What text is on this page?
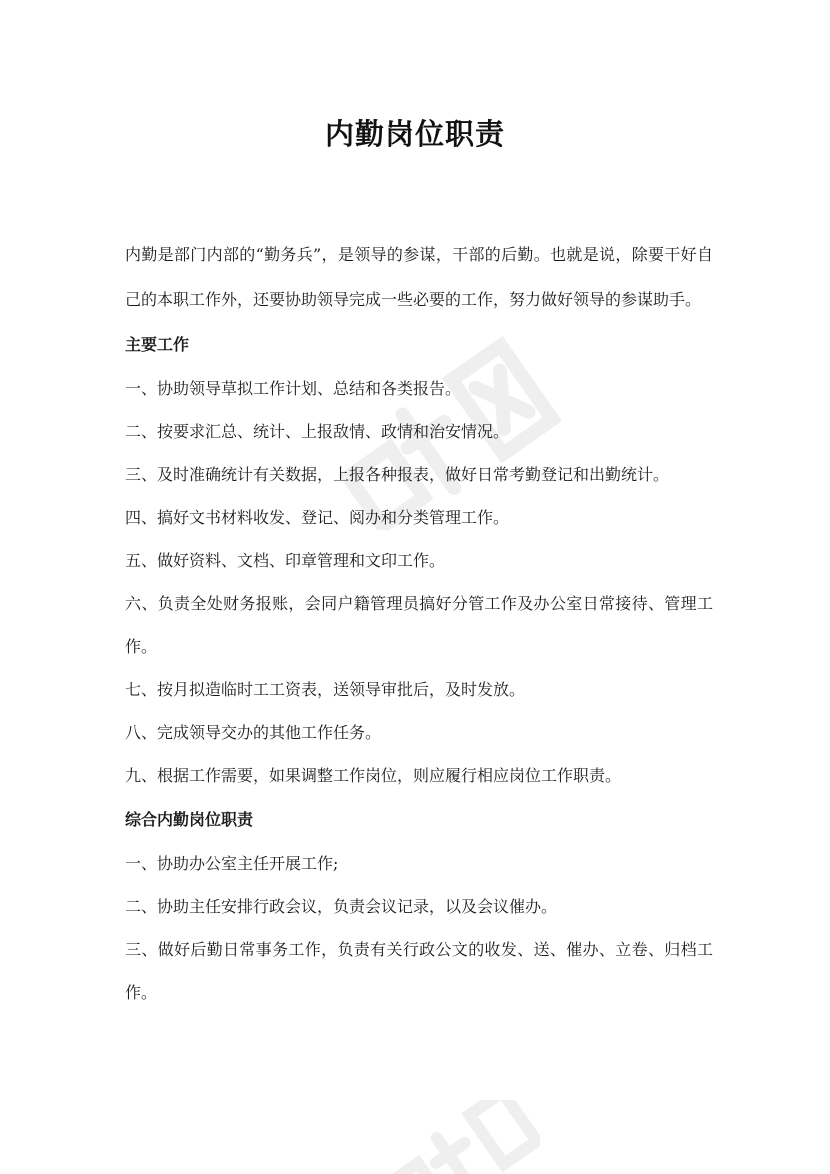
内勤岗位职责

内勤是部门内部的“勤务兵”，是领导的参谋，干部的后勤。也就是说，除要干好自己的本职工作外，还要协助领导完成一些必要的工作，努力做好领导的参谋助手。

主要工作

一、协助领导草拟工作计划、总结和各类报告。

二、按要求汇总、统计、上报敌情、政情和治安情况。

三、及时准确统计有关数据，上报各种报表，做好日常考勤登记和出勤统计。

四、搞好文书材料收发、登记、阅办和分类管理工作。

五、做好资料、文档、印章管理和文印工作。

六、负责全处财务报账，会同户籍管理员搞好分管工作及办公室日常接待、管理工作。

七、按月拟造临时工工资表，送领导审批后，及时发放。

八、完成领导交办的其他工作任务。

九、根据工作需要，如果调整工作岗位，则应履行相应岗位工作职责。

综合内勤岗位职责

一、协助办公室主任开展工作;

二、协助主任安排行政会议，负责会议记录，以及会议催办。

三、做好后勤日常事务工作，负责有关行政公文的收发、送、催办、立卷、归档工作。
